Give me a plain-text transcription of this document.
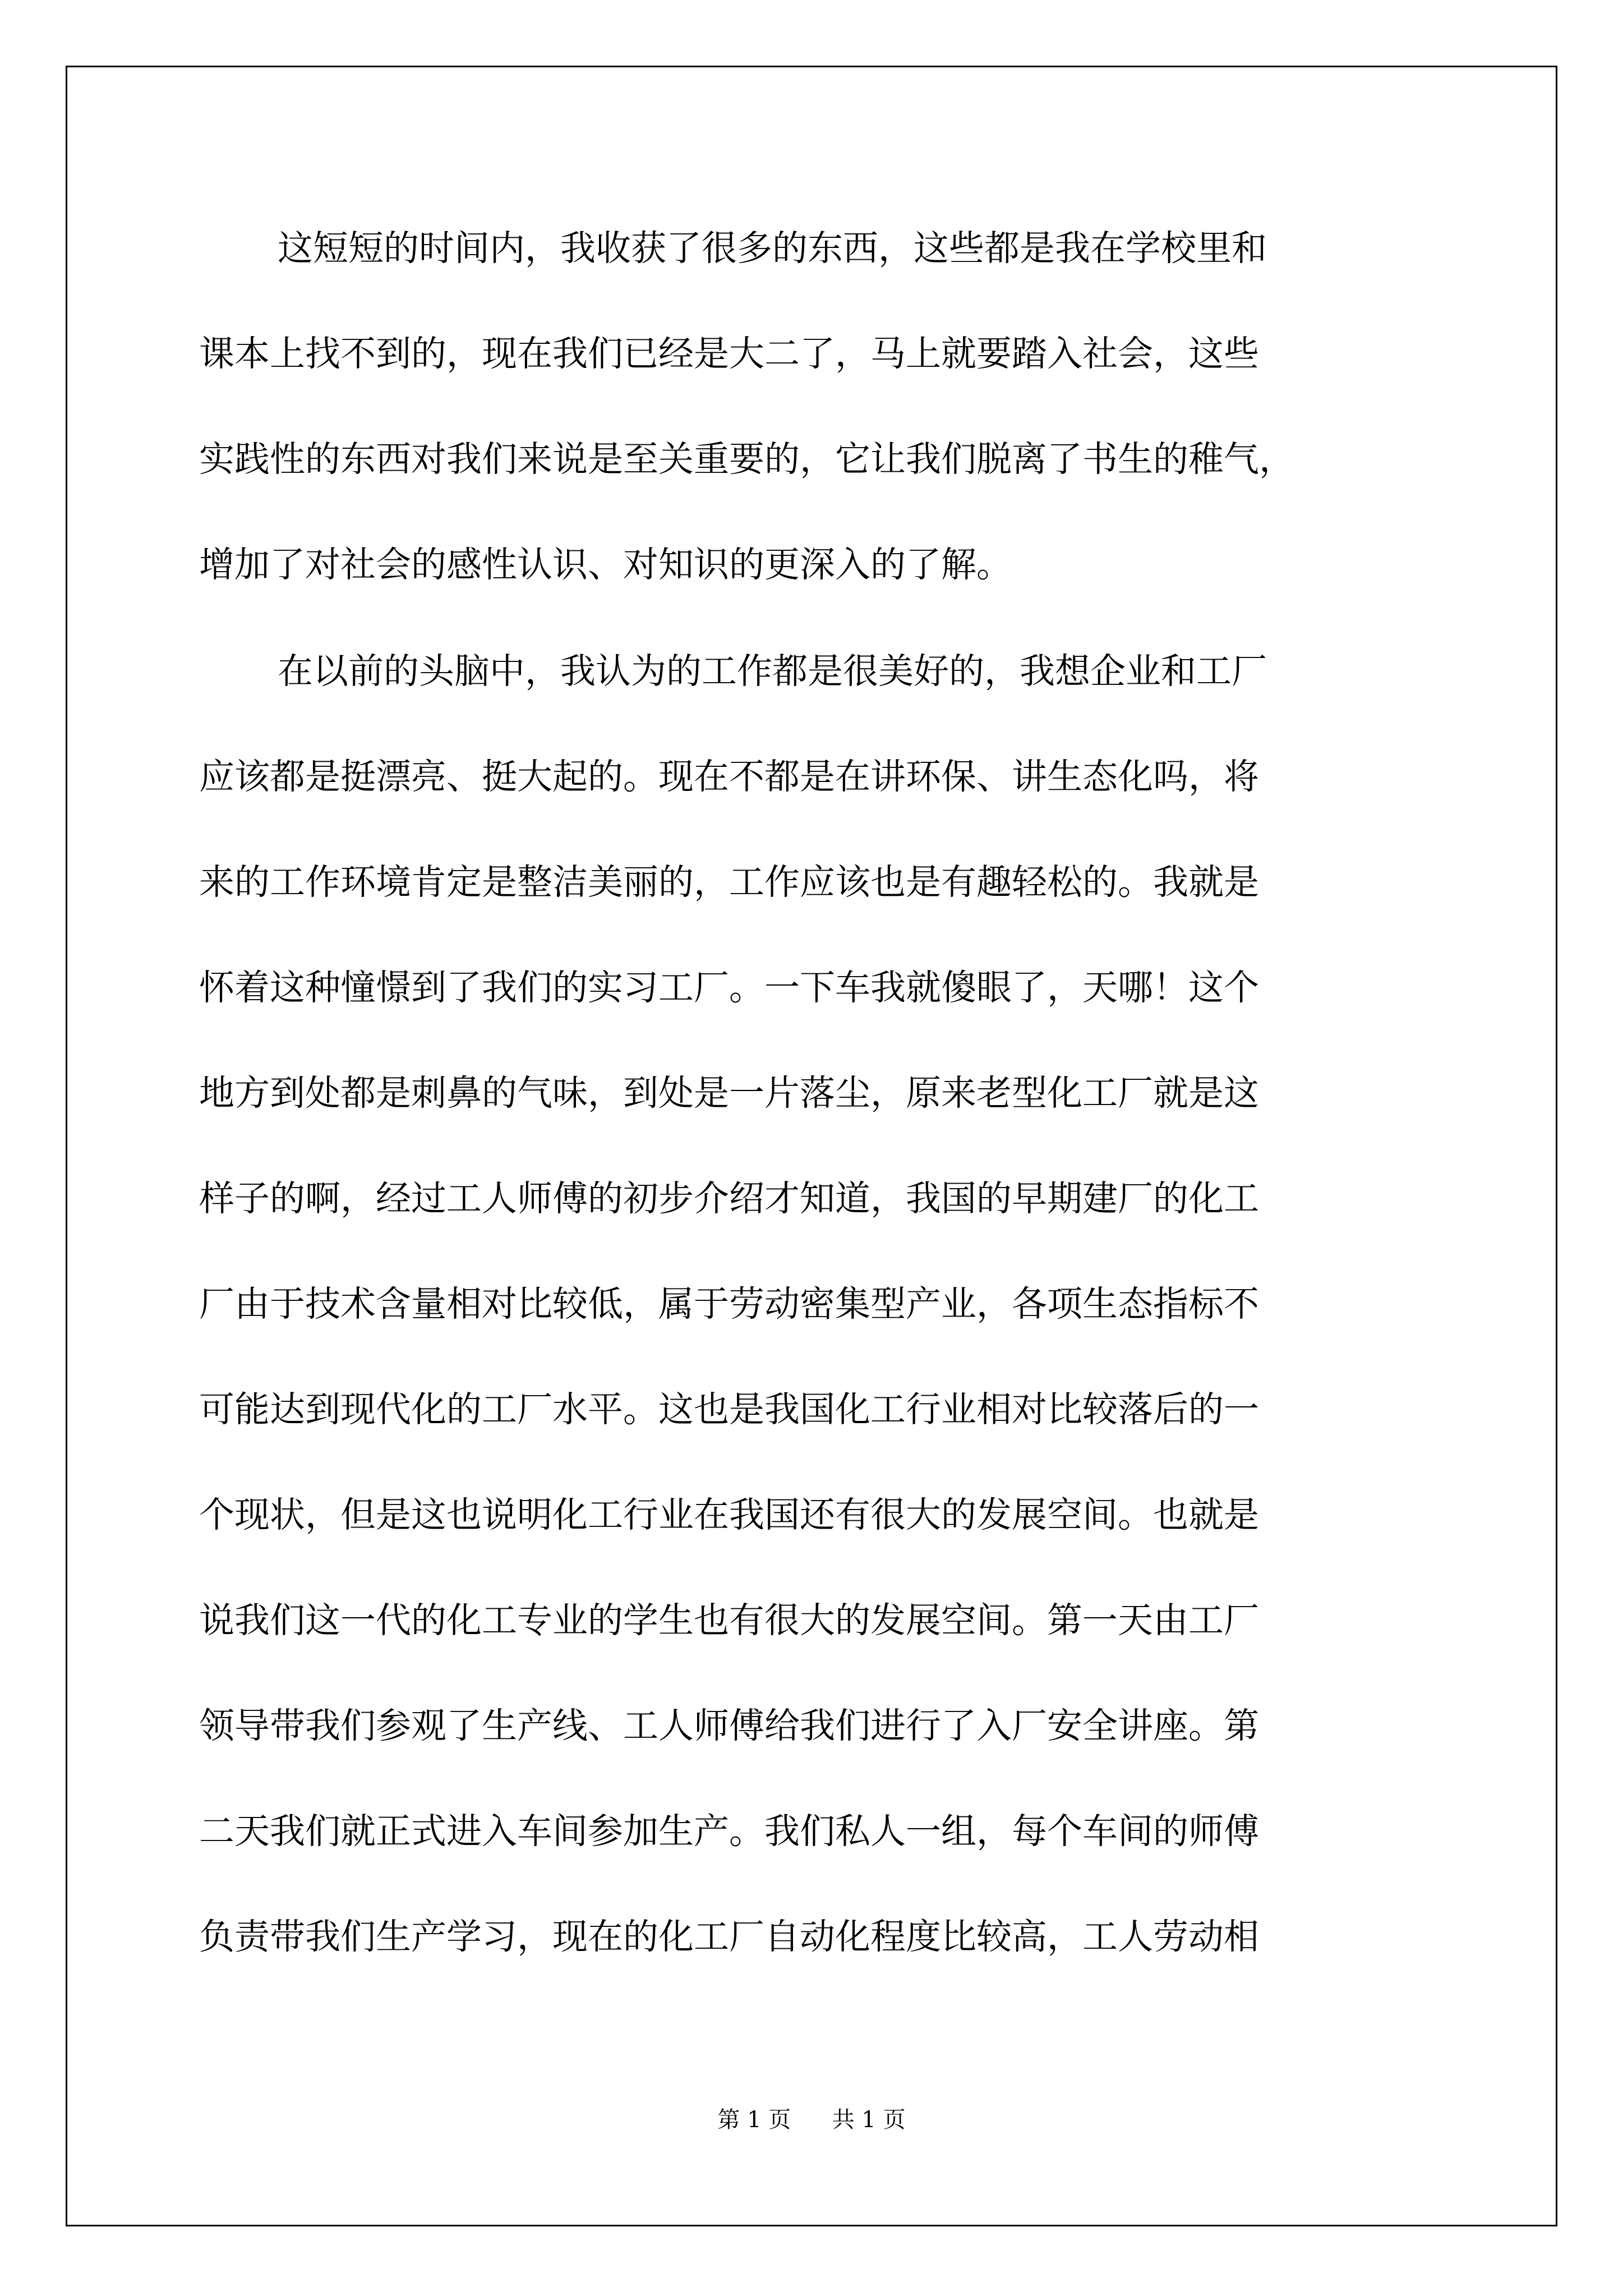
这短短的时间内，我收获了很多的东西，这些都是我在学校里和
课本上找不到的，现在我们已经是大二了，马上就要踏入社会，这些
实践性的东西对我们来说是至关重要的，它让我们脱离了书生的稚气，
增加了对社会的感性认识、对知识的更深入的了解。
在以前的头脑中，我认为的工作都是很美好的，我想企业和工厂
应该都是挺漂亮、挺大起的。现在不都是在讲环保、讲生态化吗，将
来的工作环境肯定是整洁美丽的，工作应该也是有趣轻松的。我就是
怀着这种憧憬到了我们的实习工厂。一下车我就傻眼了，天哪！这个
地方到处都是刺鼻的气味，到处是一片落尘，原来老型化工厂就是这
样子的啊，经过工人师傅的初步介绍才知道，我国的早期建厂的化工
厂由于技术含量相对比较低，属于劳动密集型产业，各项生态指标不
可能达到现代化的工厂水平。这也是我国化工行业相对比较落后的一
个现状，但是这也说明化工行业在我国还有很大的发展空间。也就是
说我们这一代的化工专业的学生也有很大的发展空间。第一天由工厂
领导带我们参观了生产线、工人师傅给我们进行了入厂安全讲座。第
二天我们就正式进入车间参加生产。我们私人一组，每个车间的师傅
负责带我们生产学习，现在的化工厂自动化程度比较高，工人劳动相
第 1 页 共 1 页
